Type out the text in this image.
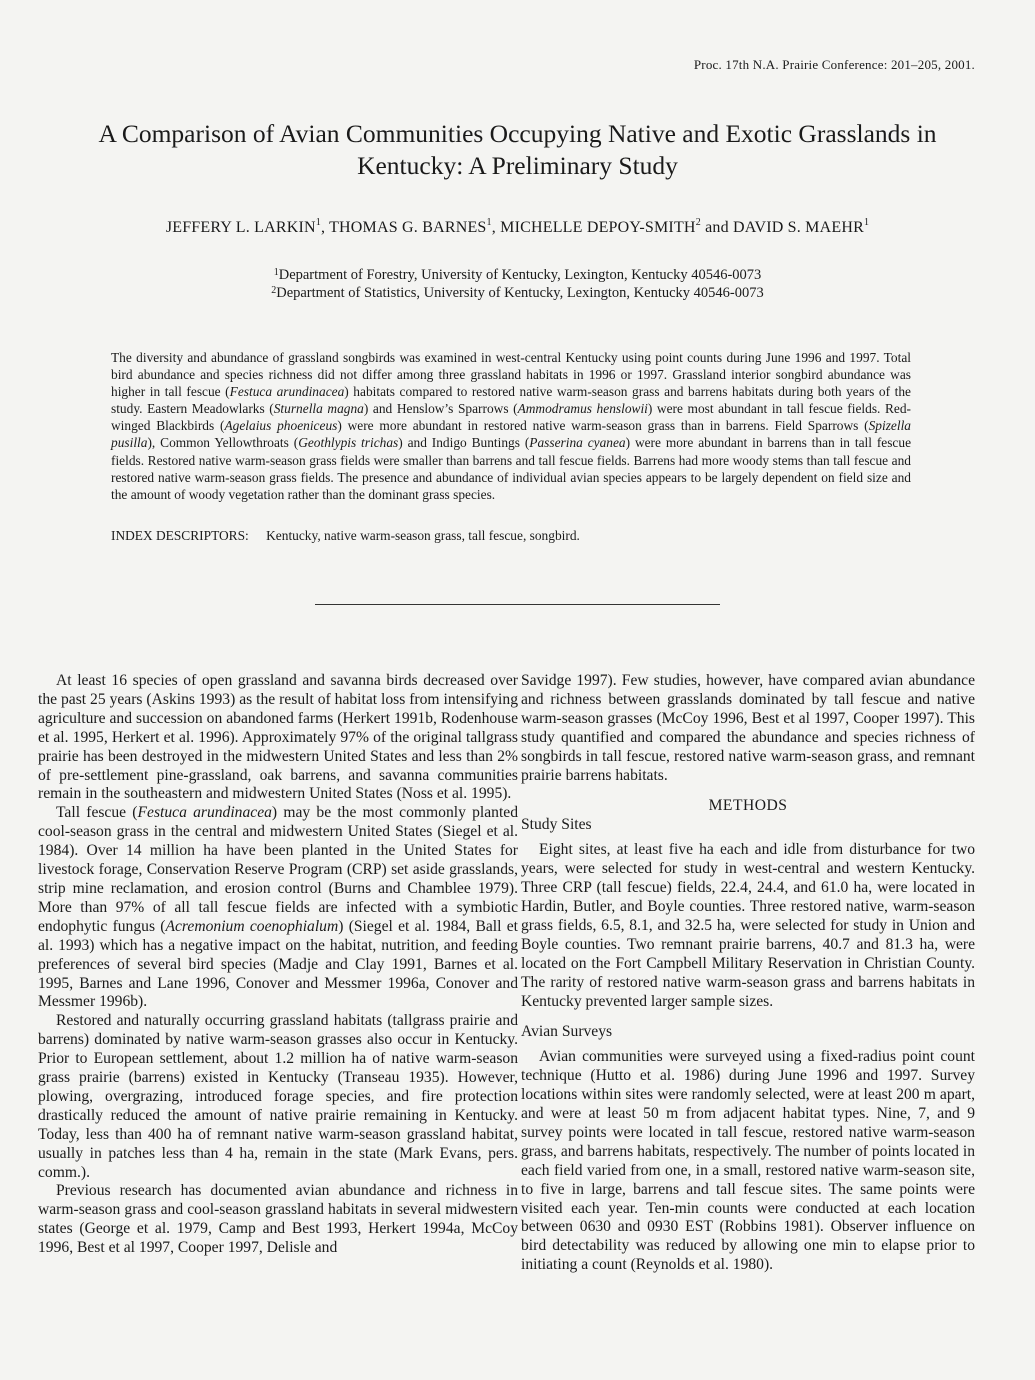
Proc. 17th N.A. Prairie Conference: 201–205, 2001.
A Comparison of Avian Communities Occupying Native and Exotic Grasslands in
Kentucky: A Preliminary Study
JEFFERY L. LARKIN$^1$, THOMAS G. BARNES$^1$, MICHELLE DEPOY-SMITH$^2$ and DAVID S. MAEHR$^1$
$^1$Department of Forestry, University of Kentucky, Lexington, Kentucky 40546-0073
$^2$Department of Statistics, University of Kentucky, Lexington, Kentucky 40546-0073
The diversity and abundance of grassland songbirds was examined in west-central Kentucky using point counts during June 1996 and 1997. Total bird abundance and species richness did not differ among three grassland habitats in 1996 or 1997. Grassland interior songbird abundance was higher in tall fescue (Festuca arundinacea) habitats compared to restored native warm-season grass and barrens habitats during both years of the study. Eastern Meadowlarks (Sturnella magna) and Henslow’s Sparrows (Ammodramus henslowii) were most abundant in tall fescue fields. Red-winged Blackbirds (Agelaius phoeniceus) were more abundant in restored native warm-season grass than in barrens. Field Sparrows (Spizella pusilla), Common Yellowthroats (Geothlypis trichas) and Indigo Buntings (Passerina cyanea) were more abundant in barrens than in tall fescue fields. Restored native warm-season grass fields were smaller than barrens and tall fescue fields. Barrens had more woody stems than tall fescue and restored native warm-season grass fields. The presence and abundance of individual avian species appears to be largely dependent on field size and the amount of woody vegetation rather than the dominant grass species.
INDEX DESCRIPTORS: Kentucky, native warm-season grass, tall fescue, songbird.

At least 16 species of open grassland and savanna birds decreased over the past 25 years (Askins 1993) as the result of habitat loss from intensifying agriculture and succession on abandoned farms (Herkert 1991b, Rodenhouse et al. 1995, Herkert et al. 1996). Approximately 97% of the original tallgrass prairie has been destroyed in the midwestern United States and less than 2% of pre-settlement pine-grassland, oak barrens, and savanna communities remain in the southeastern and midwestern United States (Noss et al. 1995).

Tall fescue (Festuca arundinacea) may be the most commonly planted cool-season grass in the central and midwestern United States (Siegel et al. 1984). Over 14 million ha have been planted in the United States for livestock forage, Conservation Reserve Program (CRP) set aside grasslands, strip mine reclamation, and erosion control (Burns and Chamblee 1979). More than 97% of all tall fescue fields are infected with a symbiotic endophytic fungus (Acremonium coenophialum) (Siegel et al. 1984, Ball et al. 1993) which has a negative impact on the habitat, nutrition, and feeding preferences of several bird species (Madje and Clay 1991, Barnes et al. 1995, Barnes and Lane 1996, Conover and Messmer 1996a, Conover and Messmer 1996b).

Restored and naturally occurring grassland habitats (tallgrass prairie and barrens) dominated by native warm-season grasses also occur in Kentucky. Prior to European settlement, about 1.2 million ha of native warm-season grass prairie (barrens) existed in Kentucky (Transeau 1935). However, plowing, overgrazing, introduced forage species, and fire protection drastically reduced the amount of native prairie remaining in Kentucky. Today, less than 400 ha of remnant native warm-season grassland habitat, usually in patches less than 4 ha, remain in the state (Mark Evans, pers. comm.).

Previous research has documented avian abundance and richness in warm-season grass and cool-season grassland habitats in several midwestern states (George et al. 1979, Camp and Best 1993, Herkert 1994a, McCoy 1996, Best et al 1997, Cooper 1997, Delisle and

Savidge 1997). Few studies, however, have compared avian abundance and richness between grasslands dominated by tall fescue and native warm-season grasses (McCoy 1996, Best et al 1997, Cooper 1997). This study quantified and compared the abundance and species richness of songbirds in tall fescue, restored native warm-season grass, and remnant prairie barrens habitats.

METHODS
Study Sites

Eight sites, at least five ha each and idle from disturbance for two years, were selected for study in west-central and western Kentucky. Three CRP (tall fescue) fields, 22.4, 24.4, and 61.0 ha, were located in Hardin, Butler, and Boyle counties. Three restored native, warm-season grass fields, 6.5, 8.1, and 32.5 ha, were selected for study in Union and Boyle counties. Two remnant prairie barrens, 40.7 and 81.3 ha, were located on the Fort Campbell Military Reservation in Christian County. The rarity of restored native warm-season grass and barrens habitats in Kentucky prevented larger sample sizes.

Avian Surveys

Avian communities were surveyed using a fixed-radius point count technique (Hutto et al. 1986) during June 1996 and 1997. Survey locations within sites were randomly selected, were at least 200 m apart, and were at least 50 m from adjacent habitat types. Nine, 7, and 9 survey points were located in tall fescue, restored native warm-season grass, and barrens habitats, respectively. The number of points located in each field varied from one, in a small, restored native warm-season site, to five in large, barrens and tall fescue sites. The same points were visited each year. Ten-min counts were conducted at each location between 0630 and 0930 EST (Robbins 1981). Observer influence on bird detectability was reduced by allowing one min to elapse prior to initiating a count (Reynolds et al. 1980).
